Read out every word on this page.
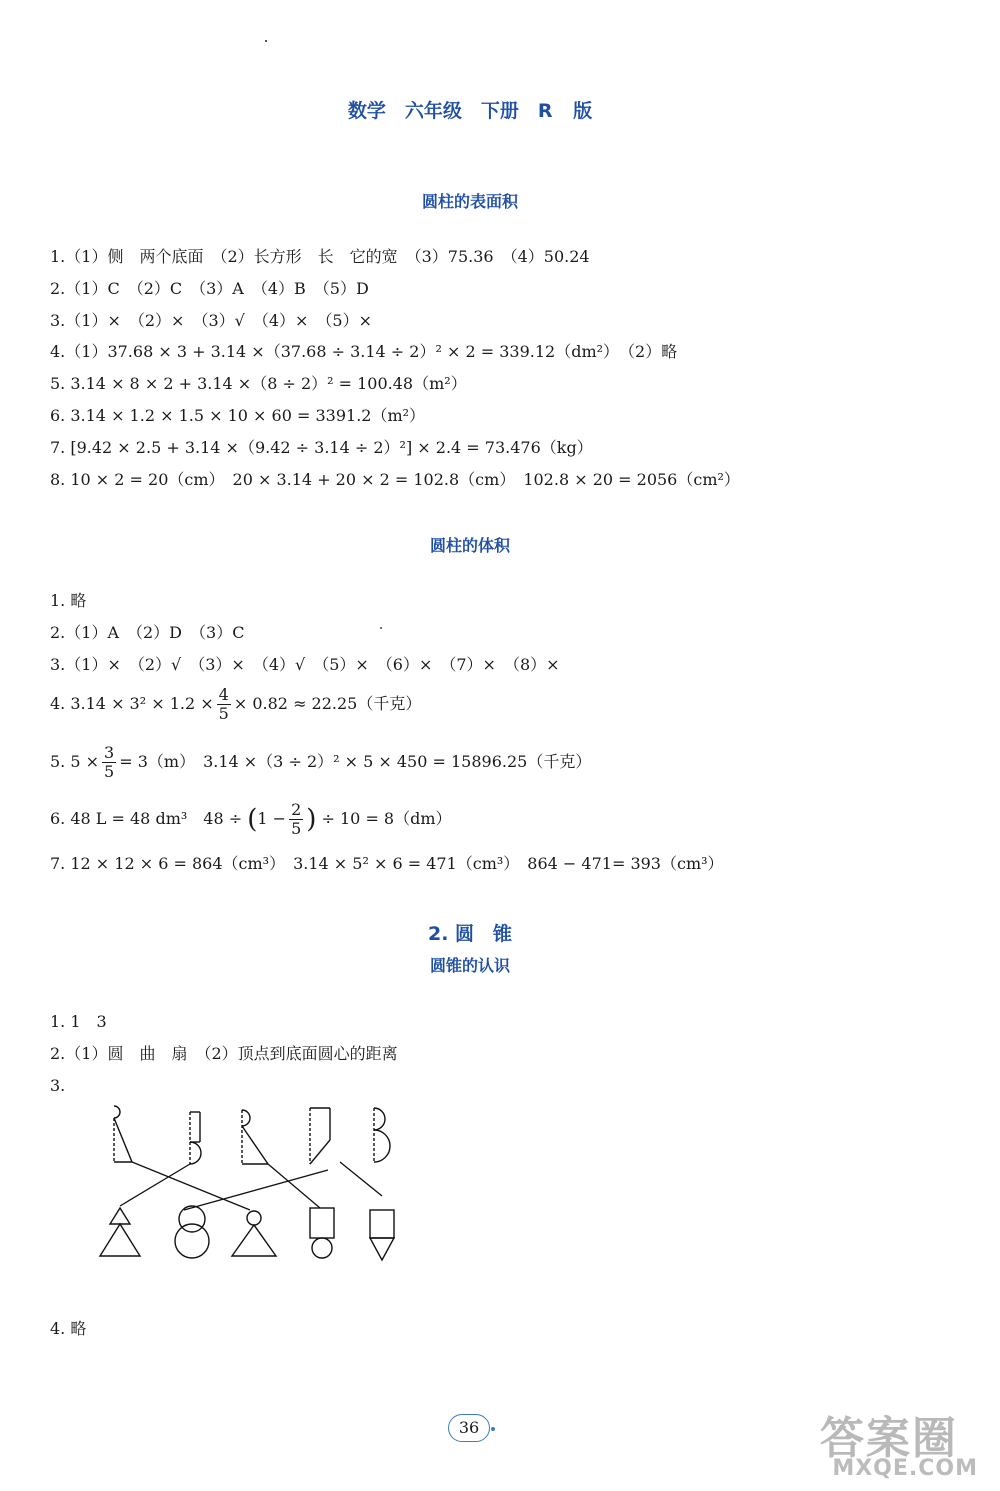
数学　六年级　下册　R 版
圆柱的表面积
1.（1）侧　两个底面　（2）长方形　长　它的宽　（3）75.36　（4）50.24
2.（1）C　（2）C　（3）A　（4）B　（5）D
3.（1）×　（2）×　（3）√　（4）×　（5）×
4.（1）37.68 × 3 + 3.14 ×（37.68 ÷ 3.14 ÷ 2）² × 2 = 339.12（dm²）　（2）略
5. 3.14 × 8 × 2 + 3.14 ×（8 ÷ 2）² = 100.48（m²）
6. 3.14 × 1.2 × 1.5 × 10 × 60 = 3391.2（m²）
7. [9.42 × 2.5 + 3.14 ×（9.42 ÷ 3.14 ÷ 2）²] × 2.4 = 73.476（kg）
8. 10 × 2 = 20（cm）　20 × 3.14 + 20 × 2 = 102.8（cm）　102.8 × 20 = 2056（cm²）
圆柱的体积
1. 略
2.（1）A　（2）D　（3）C
3.（1）×　（2）√　（3）×　（4）√　（5）×　（6）×　（7）×　（8）×
4. $3.14 \times 3^2 \times 1.2 \times \frac{4}{5} \times 0.82 \approx 22.25$（千克）
5. $5 \times \frac{3}{5} = 3(m)$　3.14 ×（3 ÷ 2）² × 5 × 450 = 15896.25（千克）
6. 48 L = 48 dm³　$48 \div (1 - \frac{2}{5}$ ) ÷ 10 = 8（dm）
7. 12 × 12 × 6 = 864（cm³）　3.14 × 5² × 6 = 471（cm³）　864 − 471= 393（cm³）
2. 圆　锥
圆锥的认识
1. 1　3
2.（1）圆　曲　扇　（2）顶点到底面圆心的距离
3.
4. 略
36	答案圈
MXQE.COM
